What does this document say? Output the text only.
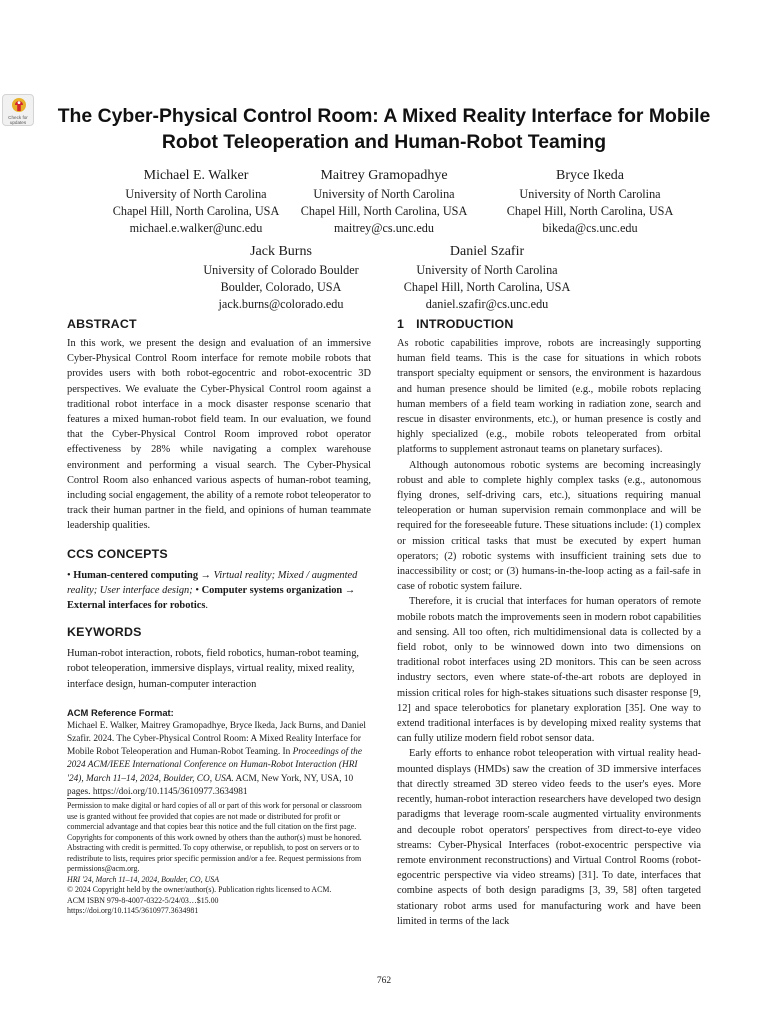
Check for updates	The Cyber-Physical Control Room: A Mixed Reality Interface for Mobile Robot Teleoperation and Human-Robot Teaming
Michael E. Walker
University of North Carolina
Chapel Hill, North Carolina, USA
michael.e.walker@unc.edu
Maitrey Gramopadhye
University of North Carolina
Chapel Hill, North Carolina, USA
maitrey@cs.unc.edu
Bryce Ikeda
University of North Carolina
Chapel Hill, North Carolina, USA
bikeda@cs.unc.edu
Jack Burns
University of Colorado Boulder
Boulder, Colorado, USA
jack.burns@colorado.edu
Daniel Szafir
University of North Carolina
Chapel Hill, North Carolina, USA
daniel.szafir@cs.unc.edu
ABSTRACT

In this work, we present the design and evaluation of an immersive Cyber-Physical Control Room interface for remote mobile robots that provides users with both robot-egocentric and robot-exocentric 3D perspectives. We evaluate the Cyber-Physical Control room against a traditional robot interface in a mock disaster response scenario that features a mixed human-robot field team. In our evaluation, we found that the Cyber-Physical Control Room improved robot operator effectiveness by 28% while navigating a complex warehouse environment and performing a visual search. The Cyber-Physical Control Room also enhanced various aspects of human-robot teaming, including social engagement, the ability of a remote robot teleoperator to track their human partner in the field, and opinions of human teammate leadership qualities.

CCS CONCEPTS

• Human-centered computing → Virtual reality; Mixed / augmented reality; User interface design; • Computer systems organization → External interfaces for robotics.

KEYWORDS

Human-robot interaction, robots, field robotics, human-robot teaming, robot teleoperation, immersive displays, virtual reality, mixed reality, interface design, human-computer interaction

ACM Reference Format:

Michael E. Walker, Maitrey Gramopadhye, Bryce Ikeda, Jack Burns, and Daniel Szafir. 2024. The Cyber-Physical Control Room: A Mixed Reality Interface for Mobile Robot Teleoperation and Human-Robot Teaming. In Proceedings of the 2024 ACM/IEEE International Conference on Human-Robot Interaction (HRI '24), March 11–14, 2024, Boulder, CO, USA. ACM, New York, NY, USA, 10 pages. https://doi.org/10.1145/3610977.3634981

Permission to make digital or hard copies of all or part of this work for personal or classroom use is granted without fee provided that copies are not made or distributed for profit or commercial advantage and that copies bear this notice and the full citation on the first page. Copyrights for components of this work owned by others than the author(s) must be honored. Abstracting with credit is permitted. To copy otherwise, or republish, to post on servers or to redistribute to lists, requires prior specific permission and/or a fee. Request permissions from permissions@acm.org.
HRI '24, March 11–14, 2024, Boulder, CO, USA
© 2024 Copyright held by the owner/author(s). Publication rights licensed to ACM.
ACM ISBN 979-8-4007-0322-5/24/03…$15.00
https://doi.org/10.1145/3610977.3634981
1 INTRODUCTION

As robotic capabilities improve, robots are increasingly supporting human field teams. This is the case for situations in which robots transport specialty equipment or sensors, the environment is hazardous and human presence should be limited (e.g., mobile robots replacing human members of a field team working in radiation zone, search and rescue in disaster environments, etc.), or human presence is costly and highly specialized (e.g., mobile robots teleoperated from orbital platforms to supplement astronaut teams on planetary surfaces).

Although autonomous robotic systems are becoming increasingly robust and able to complete highly complex tasks (e.g., autonomous flying drones, self-driving cars, etc.), situations requiring manual teleoperation or human supervision remain commonplace and will be required for the foreseeable future. These situations include: (1) complex or mission critical tasks that must be executed by expert human operators; (2) robotic systems with insufficient training sets due to inaccessibility or cost; or (3) humans-in-the-loop acting as a fail-safe in case of robotic system failure.

Therefore, it is crucial that interfaces for human operators of remote mobile robots match the improvements seen in modern robot capabilities and sensing. All too often, rich multidimensional data is collected by a field robot, only to be winnowed down into two dimensions on traditional robot interfaces using 2D monitors. This can be seen across industry sectors, even where state-of-the-art robots are deployed in mission critical roles for high-stakes situations such disaster response [9, 12] and space telerobotics for planetary exploration [35]. One way to extend traditional interfaces is by developing mixed reality systems that can fully utilize modern field robot sensor data.

Early efforts to enhance robot teleoperation with virtual reality head-mounted displays (HMDs) saw the creation of 3D immersive interfaces that directly streamed 3D stereo video feeds to the user's eyes. More recently, human-robot interaction researchers have developed two design paradigms that leverage room-scale augmented virtuality environments and decouple robot operators' perspectives from direct-to-eye video streams: Cyber-Physical Interfaces (robot-exocentric perspective via remote environment reconstructions) and Virtual Control Rooms (robot-egocentric perspective via video streams) [31]. To date, interfaces that combine aspects of both design paradigms [3, 39, 58] often targeted stationary robot arms used for manufacturing work and have been limited in terms of the lack

762
